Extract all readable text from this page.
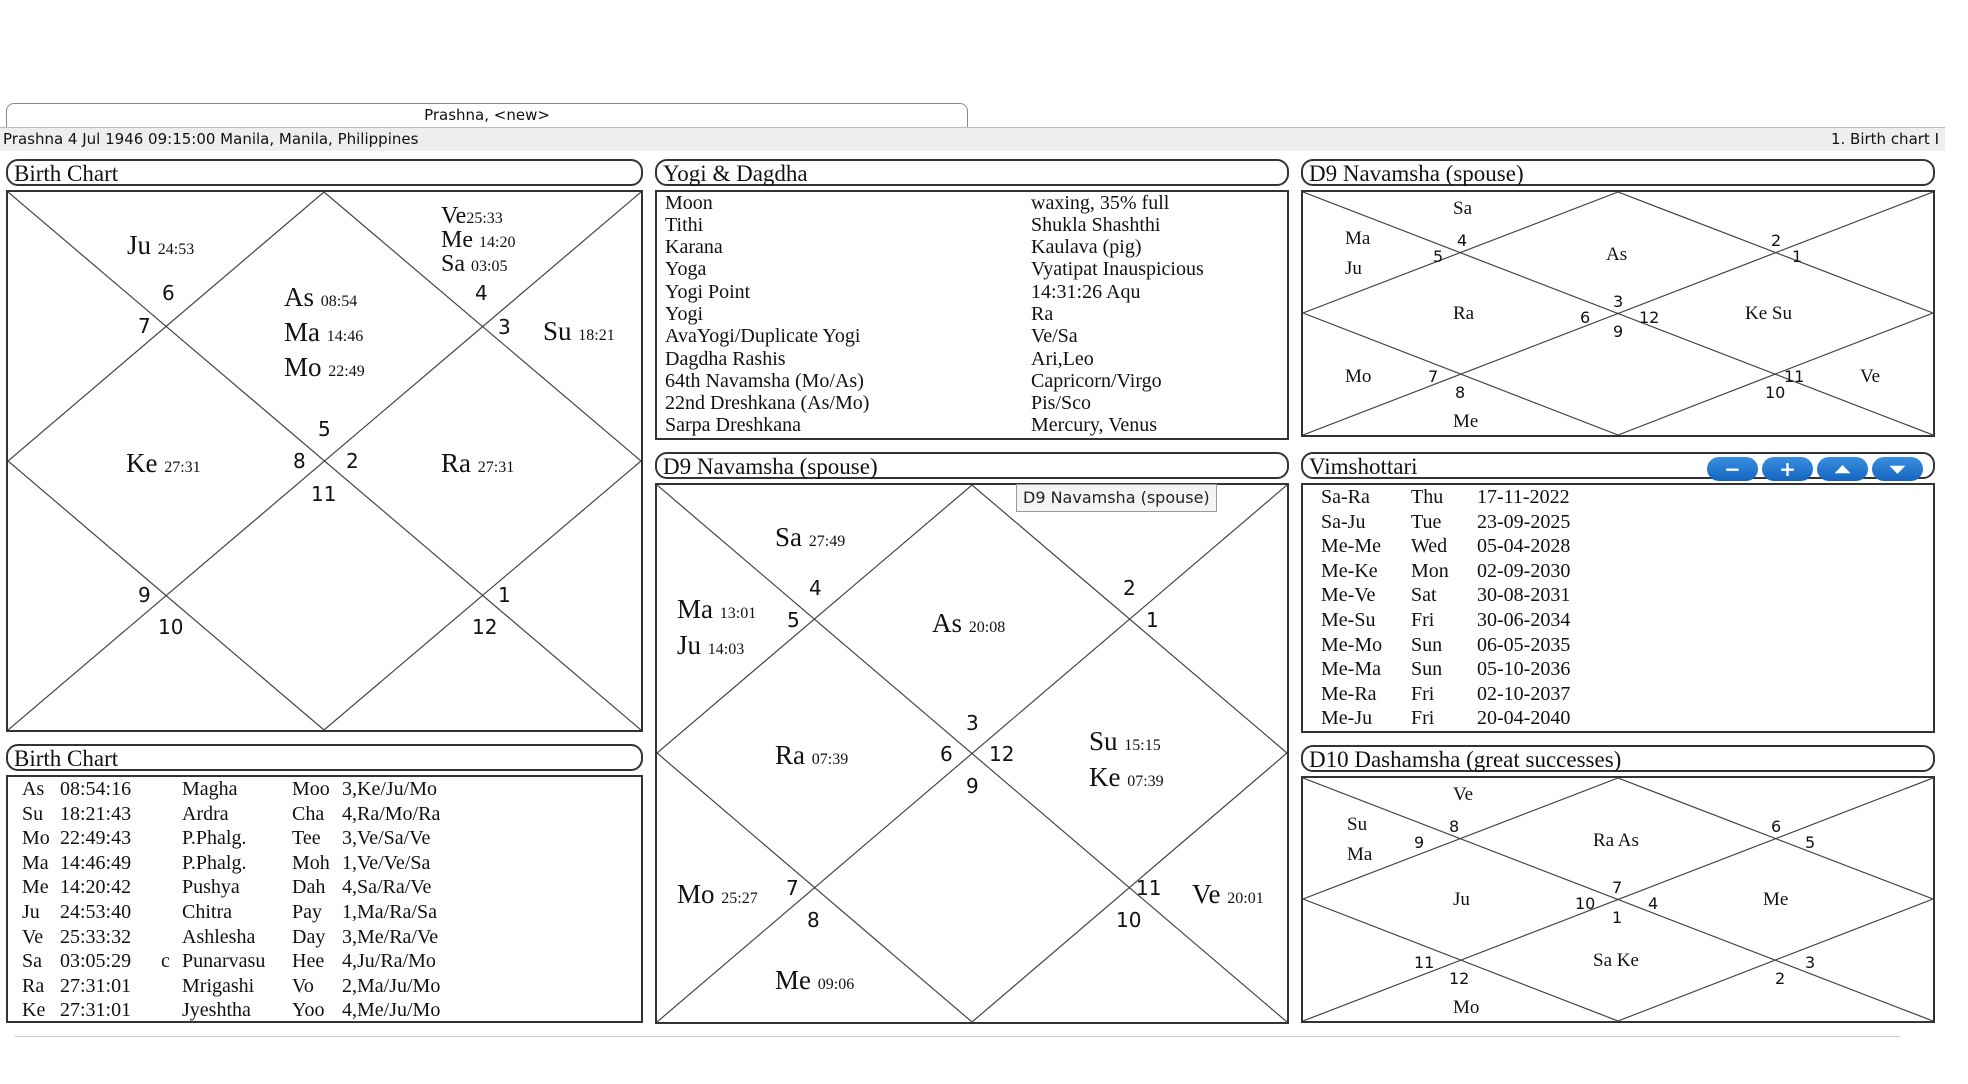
Prashna, <new>
Prashna 4 Jul 1946 09:15:00 Manila, Manila, Philippines	1. Birth chart I
Birth Chart
Ju 24:53
Ve25:33
Me 14:20
Sa 03:05
As 08:54
Ma 14:46
Mo 22:49
Su 18:21
Ke 27:31	Ra 27:31
6
7
4
3
5
8 2
11
9
10
1
12
Birth Chart
As 08:54:16	Magha	Moo 3,Ke/Ju/Mo
Su 18:21:43	Ardra	Cha 4,Ra/Mo/Ra
Mo 22:49:43	P.Phalg. Tee 3,Ve/Sa/Ve
Ma 14:46:49	P.Phalg. Moh 1,Ve/Ve/Sa
Me 14:20:42	Pushya	Dah 4,Sa/Ra/Ve
Ju 24:53:40	Chitra	Pay 1,Ma/Ra/Sa
Ve 25:33:32	Ashlesha Day 3,Me/Ra/Ve
Sa 03:05:29 c Punarvasu Hee 4,Ju/Ra/Mo
Ra 27:31:01	Mrigashi Vo 2,Ma/Ju/Mo
Ke 27:31:01	Jyeshtha Yoo 4,Me/Ju/Mo
Yogi & Dagdha
Moon	waxing, 35% full
Tithi	Shukla Shashthi
Karana	Kaulava (pig)
Yoga	Vyatipat Inauspicious
Yogi Point	14:31:26 Aqu
Yogi	Ra
AvaYogi/Duplicate Yogi	Ve/Sa
Dagdha Rashis	Ari,Leo
64th Navamsha (Mo/As)	Capricorn/Virgo
22nd Dreshkana (As/Mo)	Pis/Sco
Sarpa Dreshkana	Mercury, Venus
D9 Navamsha (spouse)
Sa 27:49
Ma 13:01
Ju 14:03
As 20:08
Ra 07:39
Su 15:15
Ke 07:39
Mo 25:27	Ve 20:01
Me 09:06
4
5
2
1
3
6 12
9
7
8
11
10
D9 Navamsha (spouse)
D9 Navamsha (spouse)
Sa
Ma
Ju
As
Ra	Ke Su
Mo
Me
Ve
4
5
2
1
3
6	12
9
7
8
11
10
Vimshottari	−	+	⏶	⏷
Sa-Ra Thu 17-11-2022
Sa-Ju Tue 23-09-2025
Me-Me Wed 05-04-2028
Me-Ke Mon 02-09-2030
Me-Ve Sat 30-08-2031
Me-Su Fri 30-06-2034
Me-Mo Sun 06-05-2035
Me-Ma Sun 05-10-2036
Me-Ra Fri 02-10-2037
Me-Ju Fri 20-04-2040
D10 Dashamsha (great successes)
Ve
Su
Ma
Ra As
Ju	Me
Sa Ke
Mo
9
8	6
5
7
10
1
4
11
12	2
3
